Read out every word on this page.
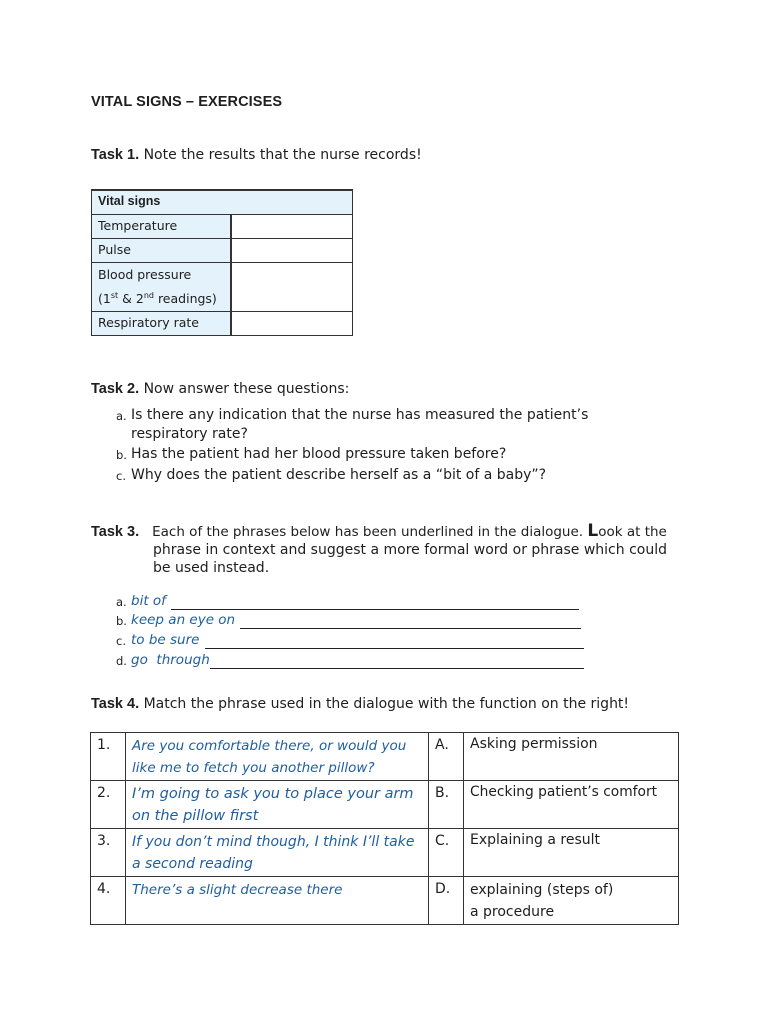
VITAL SIGNS – EXERCISES
Task 1. Note the results that the nurse records!
Vital signs	
Temperature	
Pulse	
Blood pressure
(1st & 2nd readings)	
Respiratory rate	
Task 2. Now answer these questions:
a. Is there any indication that the nurse has measured the patient’s
respiratory rate?
b. Has the patient had her blood pressure taken before?
c. Why does the patient describe herself as a “bit of a baby”?
Task 3. Each of the phrases below has been underlined in the dialogue. Look at the
phrase in context and suggest a more formal word or phrase which could
be used instead.
a. bit of
b. keep an eye on
c. to be sure
d. go  through
Task 4. Match the phrase used in the dialogue with the function on the right!
1.	Are you comfortable there, or would you like me to fetch you another pillow?	A.	Asking permission
2.	I’m going to ask you to place your arm on the pillow first	B.	Checking patient’s comfort
3.	If you don’t mind though, I think I’ll take a second reading	C.	Explaining a result
4.	There’s a slight decrease there	D.	explaining (steps of)
a procedure
